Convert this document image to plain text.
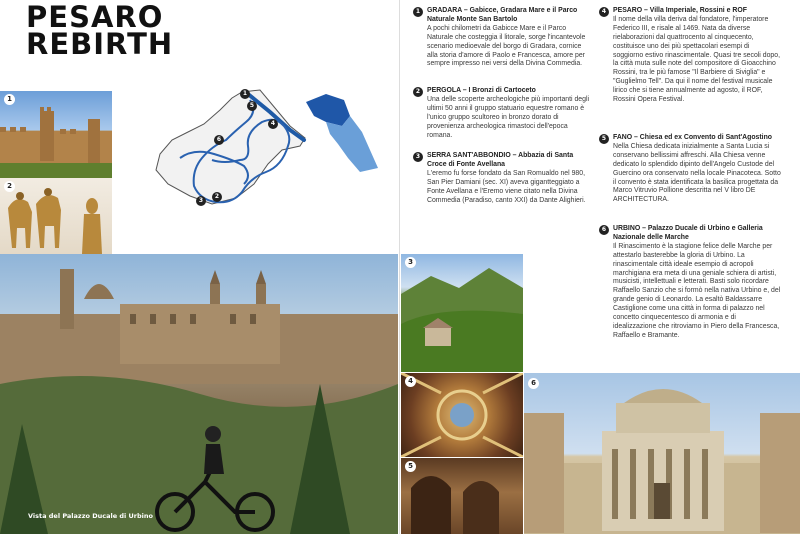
PESARO
REBIRTH
1
2
Vista del Palazzo Ducale di Urbino
1
5
4
6
2
3
3
4
5
6
1	GRADARA – Gabicce, Gradara Mare e il Parco Naturale Monte San Bartolo
A pochi chilometri da Gabicce Mare e il Parco Naturale che costeggia il litorale, sorge l'incantevole scenario medioevale del borgo di Gradara, cornice alla storia d'amore di Paolo e Francesca, amore per sempre impresso nei versi della Divina Commedia.
2	PERGOLA – I Bronzi di Cartoceto
Una delle scoperte archeologiche più importanti degli ultimi 50 anni il gruppo statuario equestre romano è l'unico gruppo scultoreo in bronzo dorato di provenienza archeologica rimastoci dell'epoca romana.
3	SERRA SANT'ABBONDIO – Abbazia di Santa Croce di Fonte Avellana
L'eremo fu forse fondato da San Romualdo nel 980, San Pier Damiani (sec. XI) aveva gigantteggiato a Fonte Avellana e l'Eremo viene citato nella Divina Commedia (Paradiso, canto XXI) da Dante Alighieri.
4	PESARO – Villa Imperiale, Rossini e ROF
Il nome della villa deriva dal fondatore, l'imperatore Federico III, e risale al 1469. Nata da diverse rielaborazioni dal quattrocento al cinquecento, costituisce uno dei più spettacolari esempi di soggiorno estivo rinascimentale. Quasi tre secoli dopo, la città muta sulle note del compositore di Gioacchino Rossini, tra le più famose "Il Barbiere di Siviglia" e "Guglielmo Tell". Da qui il nome del festival musicale lirico che si tiene annualmente ad agosto, il ROF, Rossini Opera Festival.
5	FANO – Chiesa ed ex Convento di Sant'Agostino
Nella Chiesa dedicata inizialmente a Santa Lucia si conservano bellissimi affreschi. Alla Chiesa venne dedicato lo splendido dipinto dell'Angelo Custode del Guercino ora conservato nella locale Pinacoteca. Sotto il convento è stata identificata la basilica progettata da Marco Vitruvio Pollione descritta nel V libro DE ARCHITECTURA.
6	URBINO – Palazzo Ducale di Urbino e Galleria Nazionale delle Marche
Il Rinascimento è la stagione felice delle Marche per attestarlo basterebbe la gloria di Urbino. La rinascimentale città ideale esempio di acropoli marchigiana era meta di una geniale schiera di artisti, musicisti, intellettuali e letterati. Basti solo ricordare Raffaello Sanzio che si formò nella nativa Urbino e, del grande genio di Leonardo. La esaltò Baldassarre Castiglione come una città in forma di palazzo nel concetto cinquecentesco di armonia e di idealizzazione che ritroviamo in Piero della Francesca, Raffaello e Bramante.
